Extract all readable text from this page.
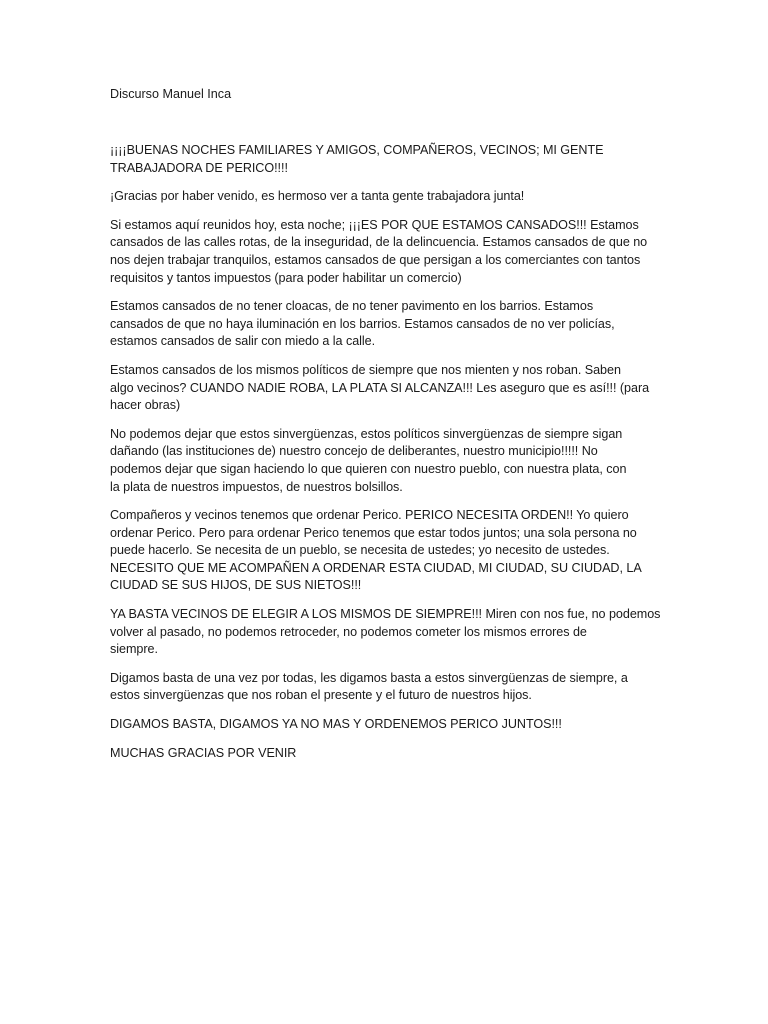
Discurso Manuel Inca
¡¡¡¡BUENAS NOCHES FAMILIARES Y AMIGOS, COMPAÑEROS, VECINOS; MI GENTE
TRABAJADORA DE PERICO!!!!
¡Gracias por haber venido, es hermoso ver a tanta gente trabajadora junta!
Si estamos aquí reunidos hoy, esta noche; ¡¡¡ES POR QUE ESTAMOS CANSADOS!!! Estamos
cansados de las calles rotas, de la inseguridad, de la delincuencia. Estamos cansados de que no
nos dejen trabajar tranquilos, estamos cansados de que persigan a los comerciantes con tantos
requisitos y tantos impuestos (para poder habilitar un comercio)
Estamos cansados de no tener cloacas, de no tener pavimento en los barrios. Estamos
cansados de que no haya iluminación en los barrios. Estamos cansados de no ver policías,
estamos cansados de salir con miedo a la calle.
Estamos cansados de los mismos políticos de siempre que nos mienten y nos roban. Saben
algo vecinos? CUANDO NADIE ROBA, LA PLATA SI ALCANZA!!! Les aseguro que es así!!! (para
hacer obras)
No podemos dejar que estos sinvergüenzas, estos políticos sinvergüenzas de siempre sigan
dañando (las instituciones de) nuestro concejo de deliberantes, nuestro municipio!!!!! No
podemos dejar que sigan haciendo lo que quieren con nuestro pueblo, con nuestra plata, con
la plata de nuestros impuestos, de nuestros bolsillos.
Compañeros y vecinos tenemos que ordenar Perico. PERICO NECESITA ORDEN!! Yo quiero
ordenar Perico. Pero para ordenar Perico tenemos que estar todos juntos; una sola persona no
puede hacerlo. Se necesita de un pueblo, se necesita de ustedes; yo necesito de ustedes.
NECESITO QUE ME ACOMPAÑEN A ORDENAR ESTA CIUDAD, MI CIUDAD, SU CIUDAD, LA
CIUDAD SE SUS HIJOS, DE SUS NIETOS!!!
YA BASTA VECINOS DE ELEGIR A LOS MISMOS DE SIEMPRE!!! Miren con nos fue, no podemos
volver al pasado, no podemos retroceder, no podemos cometer los mismos errores de
siempre.
Digamos basta de una vez por todas, les digamos basta a estos sinvergüenzas de siempre, a
estos sinvergüenzas que nos roban el presente y el futuro de nuestros hijos.
DIGAMOS BASTA, DIGAMOS YA NO MAS Y ORDENEMOS PERICO JUNTOS!!!
MUCHAS GRACIAS POR VENIR
